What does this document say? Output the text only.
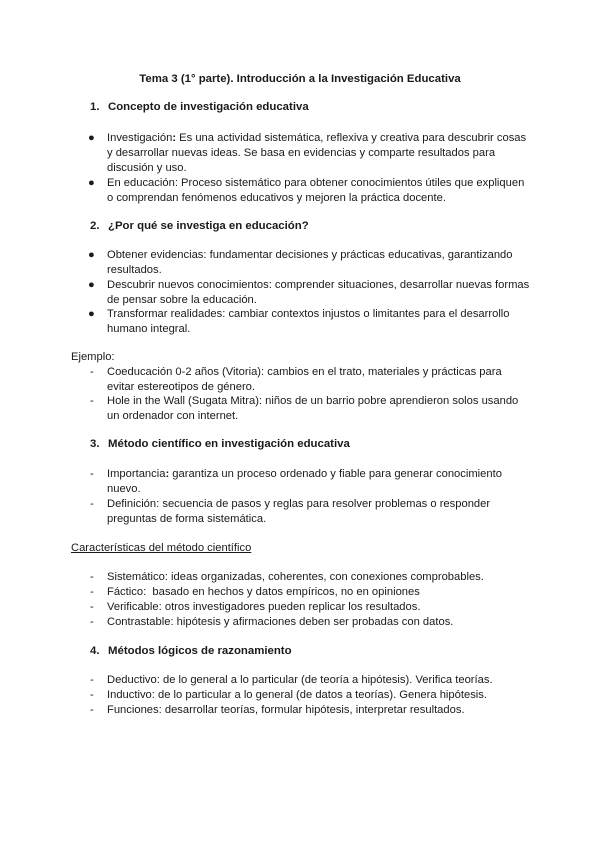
Tema 3 (1° parte). Introducción a la Investigación Educativa
1. Concepto de investigación educativa
● Investigación: Es una actividad sistemática, reflexiva y creativa para descubrir cosas y desarrollar nuevas ideas. Se basa en evidencias y comparte resultados para discusión y uso.
● En educación: Proceso sistemático para obtener conocimientos útiles que expliquen o comprendan fenómenos educativos y mejoren la práctica docente.
2. ¿Por qué se investiga en educación?
● Obtener evidencias: fundamentar decisiones y prácticas educativas, garantizando resultados.
● Descubrir nuevos conocimientos: comprender situaciones, desarrollar nuevas formas de pensar sobre la educación.
● Transformar realidades: cambiar contextos injustos o limitantes para el desarrollo humano integral.
Ejemplo:
- Coeducación 0-2 años (Vitoria): cambios en el trato, materiales y prácticas para evitar estereotipos de género.
- Hole in the Wall (Sugata Mitra): niños de un barrio pobre aprendieron solos usando un ordenador con internet.
3. Método científico en investigación educativa
- Importancia: garantiza un proceso ordenado y fiable para generar conocimiento nuevo.
- Definición: secuencia de pasos y reglas para resolver problemas o responder preguntas de forma sistemática.
Características del método científico
- Sistemático: ideas organizadas, coherentes, con conexiones comprobables.
- Fáctico:  basado en hechos y datos empíricos, no en opiniones
- Verificable: otros investigadores pueden replicar los resultados.
- Contrastable: hipótesis y afirmaciones deben ser probadas con datos.
4. Métodos lógicos de razonamiento
- Deductivo: de lo general a lo particular (de teoría a hipótesis). Verifica teorías.
- Inductivo: de lo particular a lo general (de datos a teorías). Genera hipótesis.
- Funciones: desarrollar teorías, formular hipótesis, interpretar resultados.
